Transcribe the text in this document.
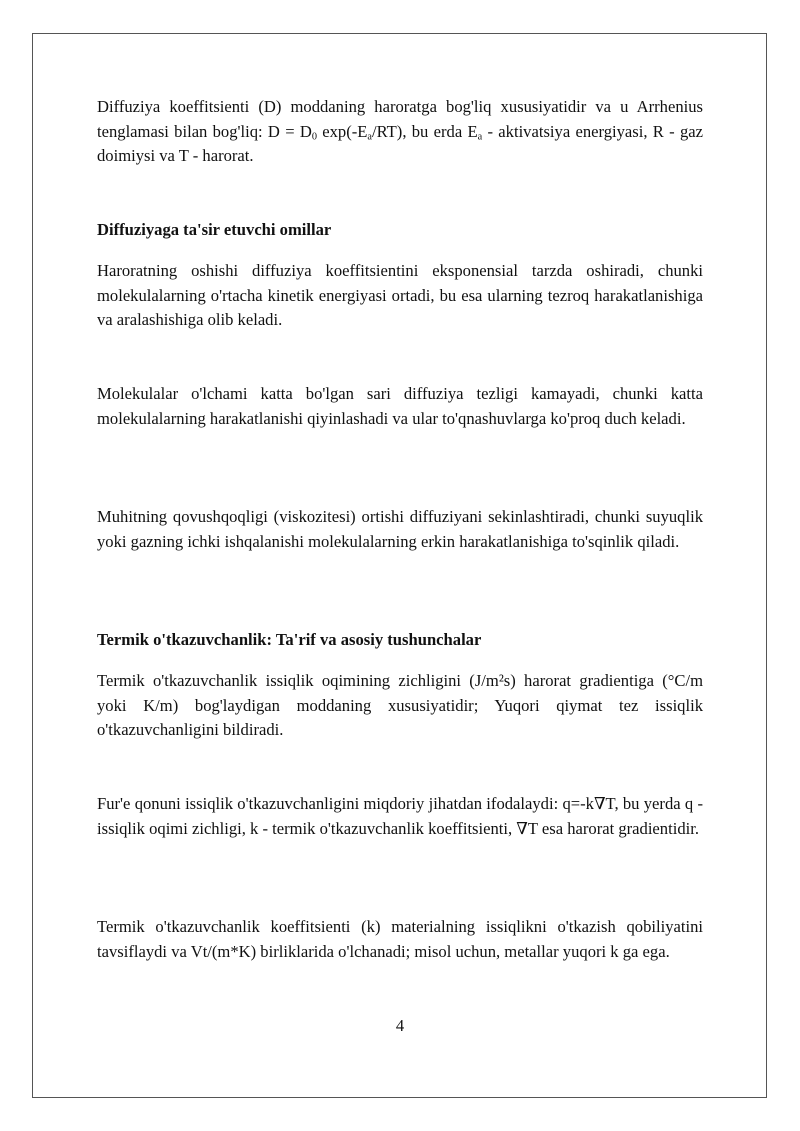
Diffuziya koeffitsienti (D) moddaning haroratga bog'liq xususiyatidir va u Arrhenius tenglamasi bilan bog'liq: $D = D_0$ $\exp(-E_a/RT)$, bu erda $E_a$ - aktivatsiya energiyasi, R - gaz doimiysi va T - harorat.

Diffuziyaga ta'sir etuvchi omillar

Haroratning oshishi diffuziya koeffitsientini eksponensial tarzda oshiradi, chunki molekulalarning o'rtacha kinetik energiyasi ortadi, bu esa ularning tezroq harakatlanishiga va aralashishiga olib keladi.

Molekulalar o'lchami katta bo'lgan sari diffuziya tezligi kamayadi, chunki katta molekulalarning harakatlanishi qiyinlashadi va ular to'qnashuvlarga ko'proq duch keladi.

Muhitning qovushqoqligi (viskozitesi) ortishi diffuziyani sekinlashtiradi, chunki suyuqlik yoki gazning ichki ishqalanishi molekulalarning erkin harakatlanishiga to'sqinlik qiladi.

Termik o'tkazuvchanlik: Ta'rif va asosiy tushunchalar

Termik o'tkazuvchanlik issiqlik oqimining zichligini (J/m²s) harorat gradientiga (°C/m yoki K/m) bog'laydigan moddaning xususiyatidir; Yuqori qiymat tez issiqlik o'tkazuvchanligini bildiradi.

Fur'e qonuni issiqlik o'tkazuvchanligini miqdoriy jihatdan ifodalaydi: q=-k∇T, bu yerda q - issiqlik oqimi zichligi, k - termik o'tkazuvchanlik koeffitsienti, ∇T esa harorat gradientidir.

Termik o'tkazuvchanlik koeffitsienti (k) materialning issiqlikni o'tkazish qobiliyatini tavsiflaydi va Vt/(m*K) birliklarida o'lchanadi; misol uchun, metallar yuqori k ga ega.

4
